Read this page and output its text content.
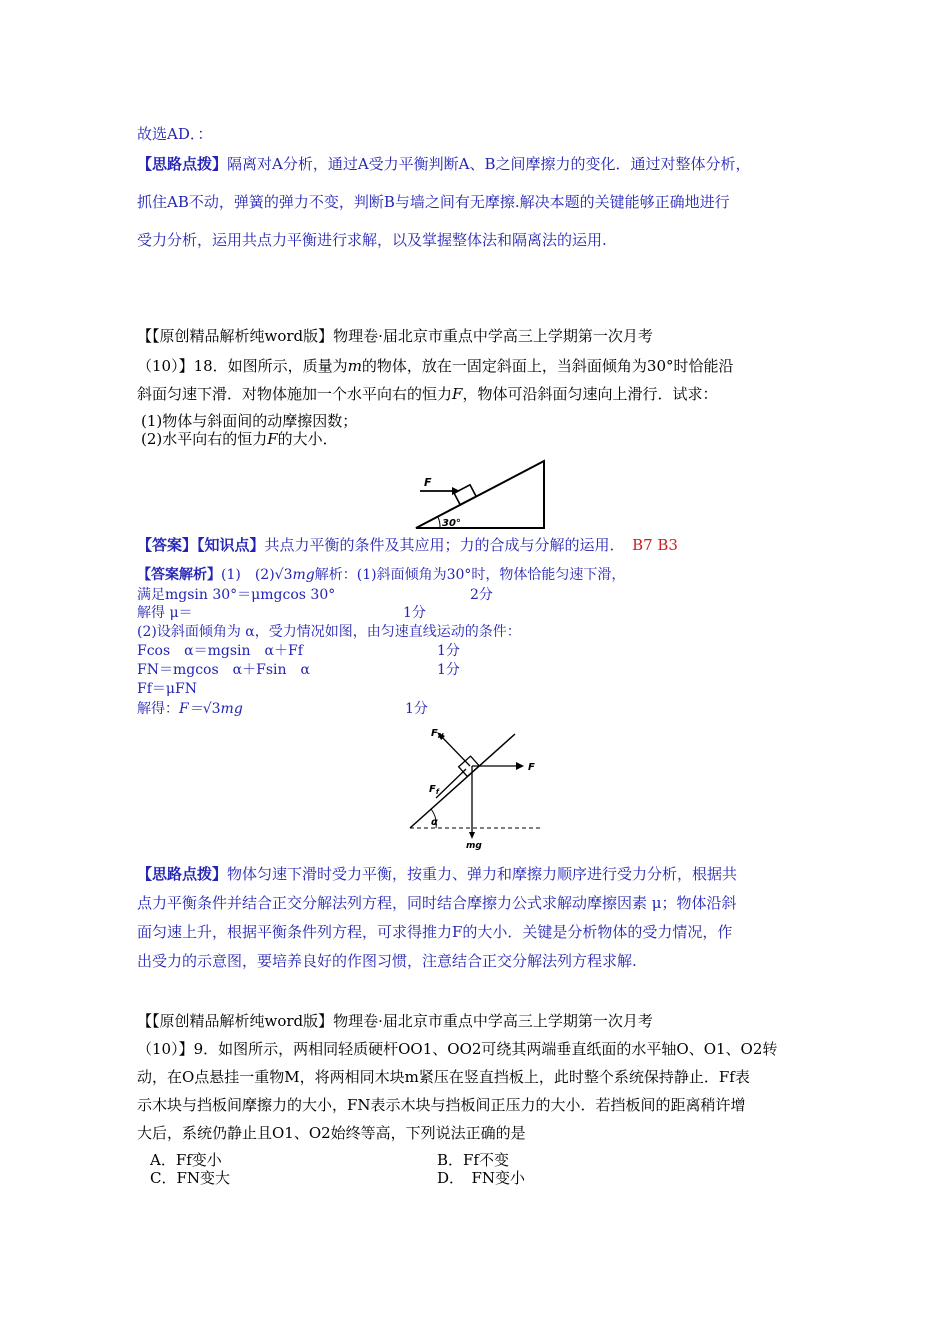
故选AD．：
【思路点拨】隔离对A分析，通过A受力平衡判断A、B之间摩擦力的变化．通过对整体分析，
抓住AB不动，弹簧的弹力不变，判断B与墙之间有无摩擦.解决本题的关键能够正确地进行
受力分析，运用共点力平衡进行求解，以及掌握整体法和隔离法的运用.
【【原创精品解析纯word版】物理卷·届北京市重点中学高三上学期第一次月考
（10）】18．如图所示，质量为m的物体，放在一固定斜面上，当斜面倾角为30°时恰能沿
斜面匀速下滑．对物体施加一个水平向右的恒力F，物体可沿斜面匀速向上滑行．试求：
(1)物体与斜面间的动摩擦因数；
(2)水平向右的恒力F的大小．
F
30°
【答案】【知识点】共点力平衡的条件及其应用；力的合成与分解的运用．　 B7 B3
【答案解析】(1)　(2)√3mg解析：(1)斜面倾角为30°时，物体恰能匀速下滑，
满足mgsin 30°＝μmgcos 30°	2分
解得 μ＝	1分
(2)设斜面倾角为 α，受力情况如图，由匀速直线运动的条件：
Fcos　α＝mgsin　α＋Ff	1分
FN＝mgcos　α＋Fsin　α	1分
Ff＝μFN
解得：F＝√3mg	1分
$F_N$
F
$F_f$
α
mg
【思路点拨】物体匀速下滑时受力平衡，按重力、弹力和摩擦力顺序进行受力分析，根据共
点力平衡条件并结合正交分解法列方程，同时结合摩擦力公式求解动摩擦因素 μ；物体沿斜
面匀速上升，根据平衡条件列方程，可求得推力F的大小．关键是分析物体的受力情况，作
出受力的示意图，要培养良好的作图习惯，注意结合正交分解法列方程求解.
【【原创精品解析纯word版】物理卷·届北京市重点中学高三上学期第一次月考
（10）】9．如图所示，两相同轻质硬杆OO1、OO2可绕其两端垂直纸面的水平轴O、O1、O2转
动，在O点悬挂一重物M，将两相同木块m紧压在竖直挡板上，此时整个系统保持静止．Ff表
示木块与挡板间摩擦力的大小，FN表示木块与挡板间正压力的大小．若挡板间的距离稍许增
大后，系统仍静止且O1、O2始终等高，下列说法正确的是
A．Ff变小	B．Ff不变
C．FN变大	D．　FN变小
